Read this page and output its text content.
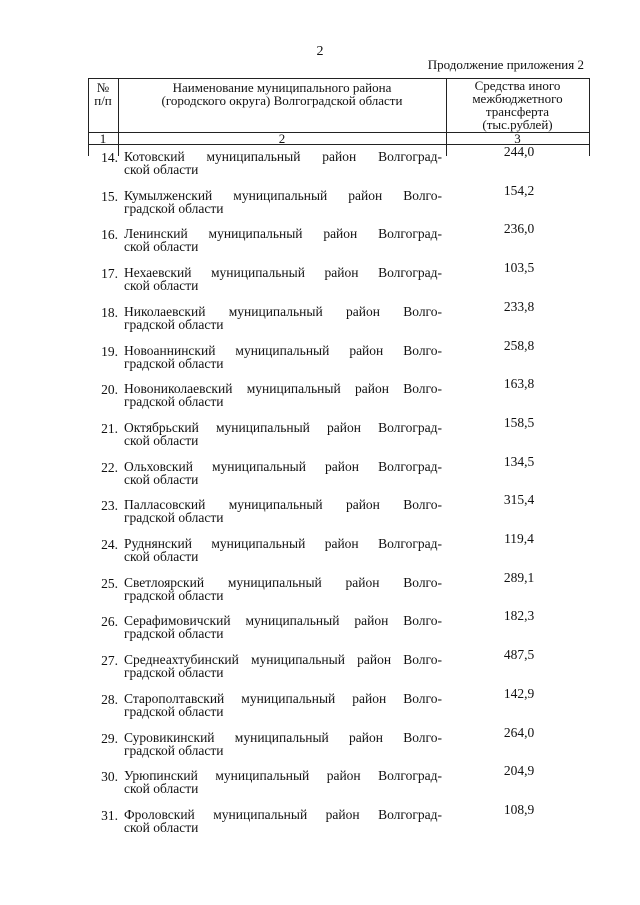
2
Продолжение приложения 2
№
п/п
Наименование муниципального района
(городского округа) Волгоградской области
Средства иного
межбюджетного
трансферта
(тыс.рублей)
1	2	3
14. Котовский муниципальный район Волгоград-
ской области
244,0
15. Кумылженский муниципальный район Волго-
градской области
154,2
16. Ленинский муниципальный район Волгоград-
ской области
236,0
17. Нехаевский муниципальный район Волгоград-
ской области
103,5
18. Николаевский муниципальный район Волго-
градской области
233,8
19. Новоаннинский муниципальный район Волго-
градской области
258,8
20. Новониколаевский муниципальный район Волго-
градской области
163,8
21. Октябрьский муниципальный район Волгоград-
ской области
158,5
22. Ольховский муниципальный район Волгоград-
ской области
134,5
23. Палласовский муниципальный район Волго-
градской области
315,4
24. Руднянский муниципальный район Волгоград-
ской области
119,4
25. Светлоярский муниципальный район Волго-
градской области
289,1
26. Серафимовичский муниципальный район Волго-
градской области
182,3
27. Среднеахтубинский муниципальный район Волго-
градской области
487,5
28. Старополтавский муниципальный район Волго-
градской области
142,9
29. Суровикинский муниципальный район Волго-
градской области
264,0
30. Урюпинский муниципальный район Волгоград-
ской области
204,9
31. Фроловский муниципальный район Волгоград-
ской области
108,9
